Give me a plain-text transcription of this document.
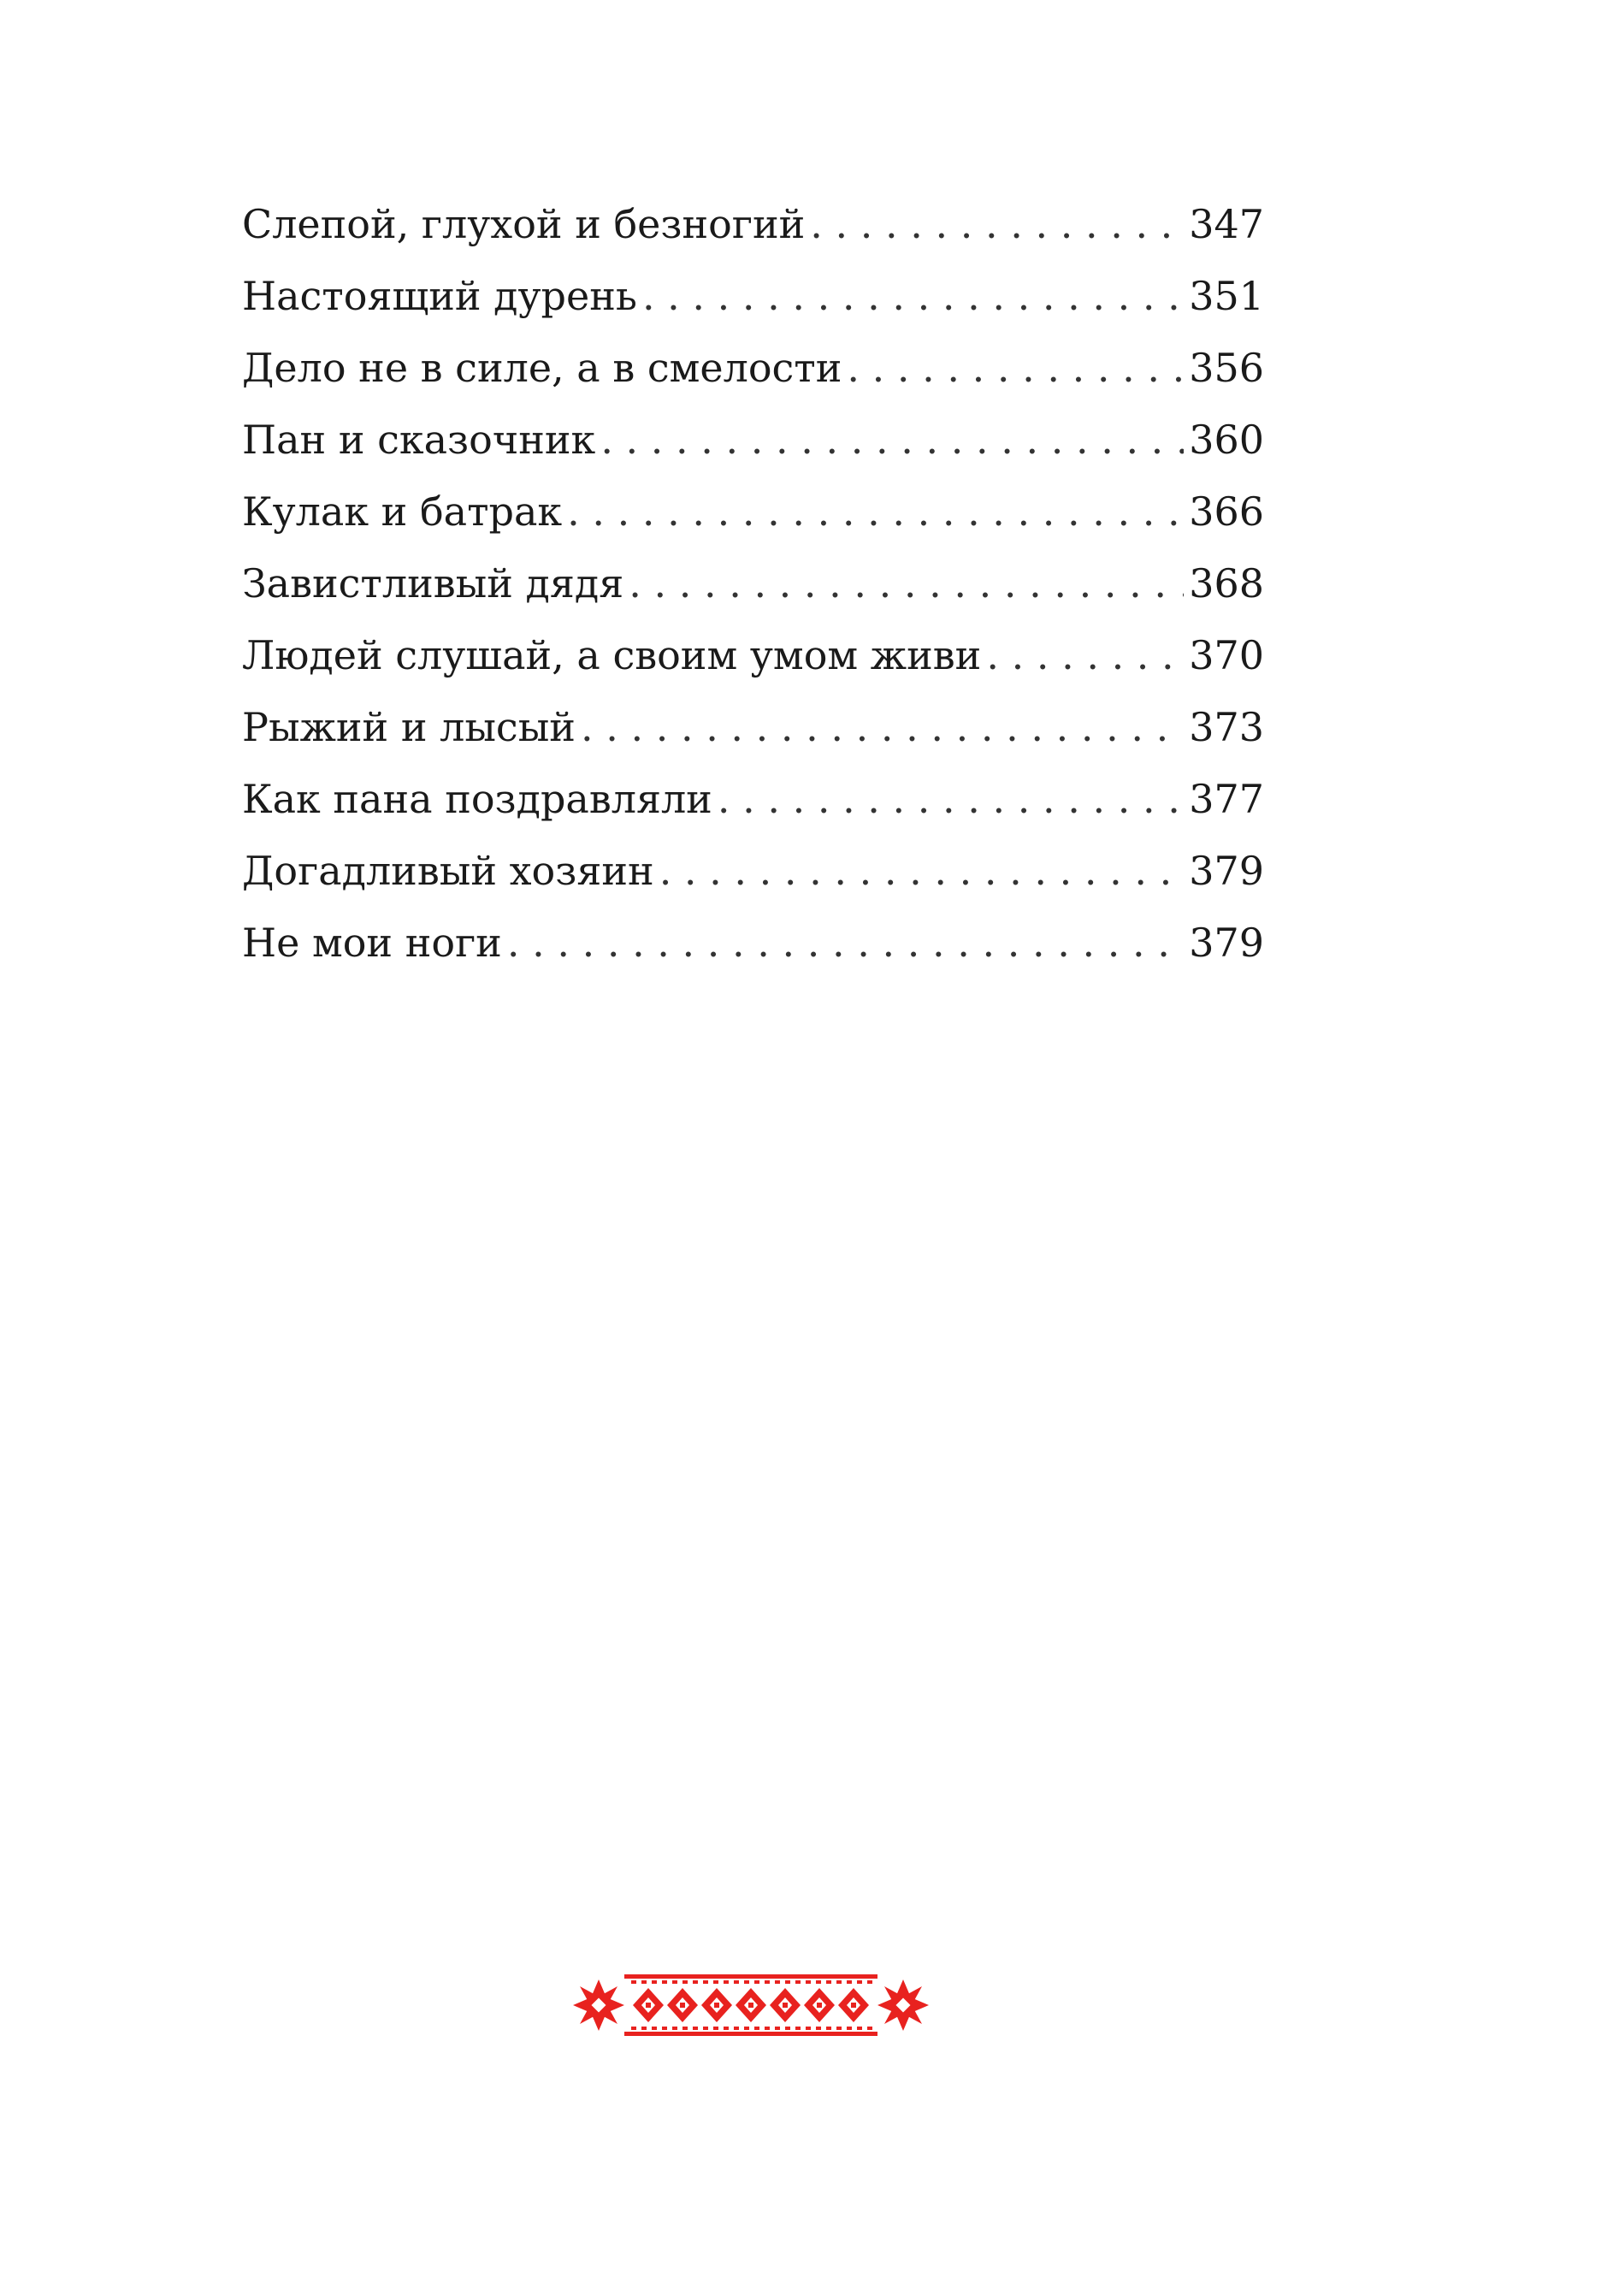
Слепой, глухой и безногий . . .	347
Настоящий дурень . . .	351
Дело не в силе, а в смелости . . .	356
Пан и сказочник . . .	360
Кулак и батрак . . .	366
Завистливый дядя . . .	368
Людей слушай, а своим умом живи . . .	370
Рыжий и лысый . . .	373
Как пана поздравляли . . .	377
Догадливый хозяин . . .	379
Не мои ноги . . .	379
